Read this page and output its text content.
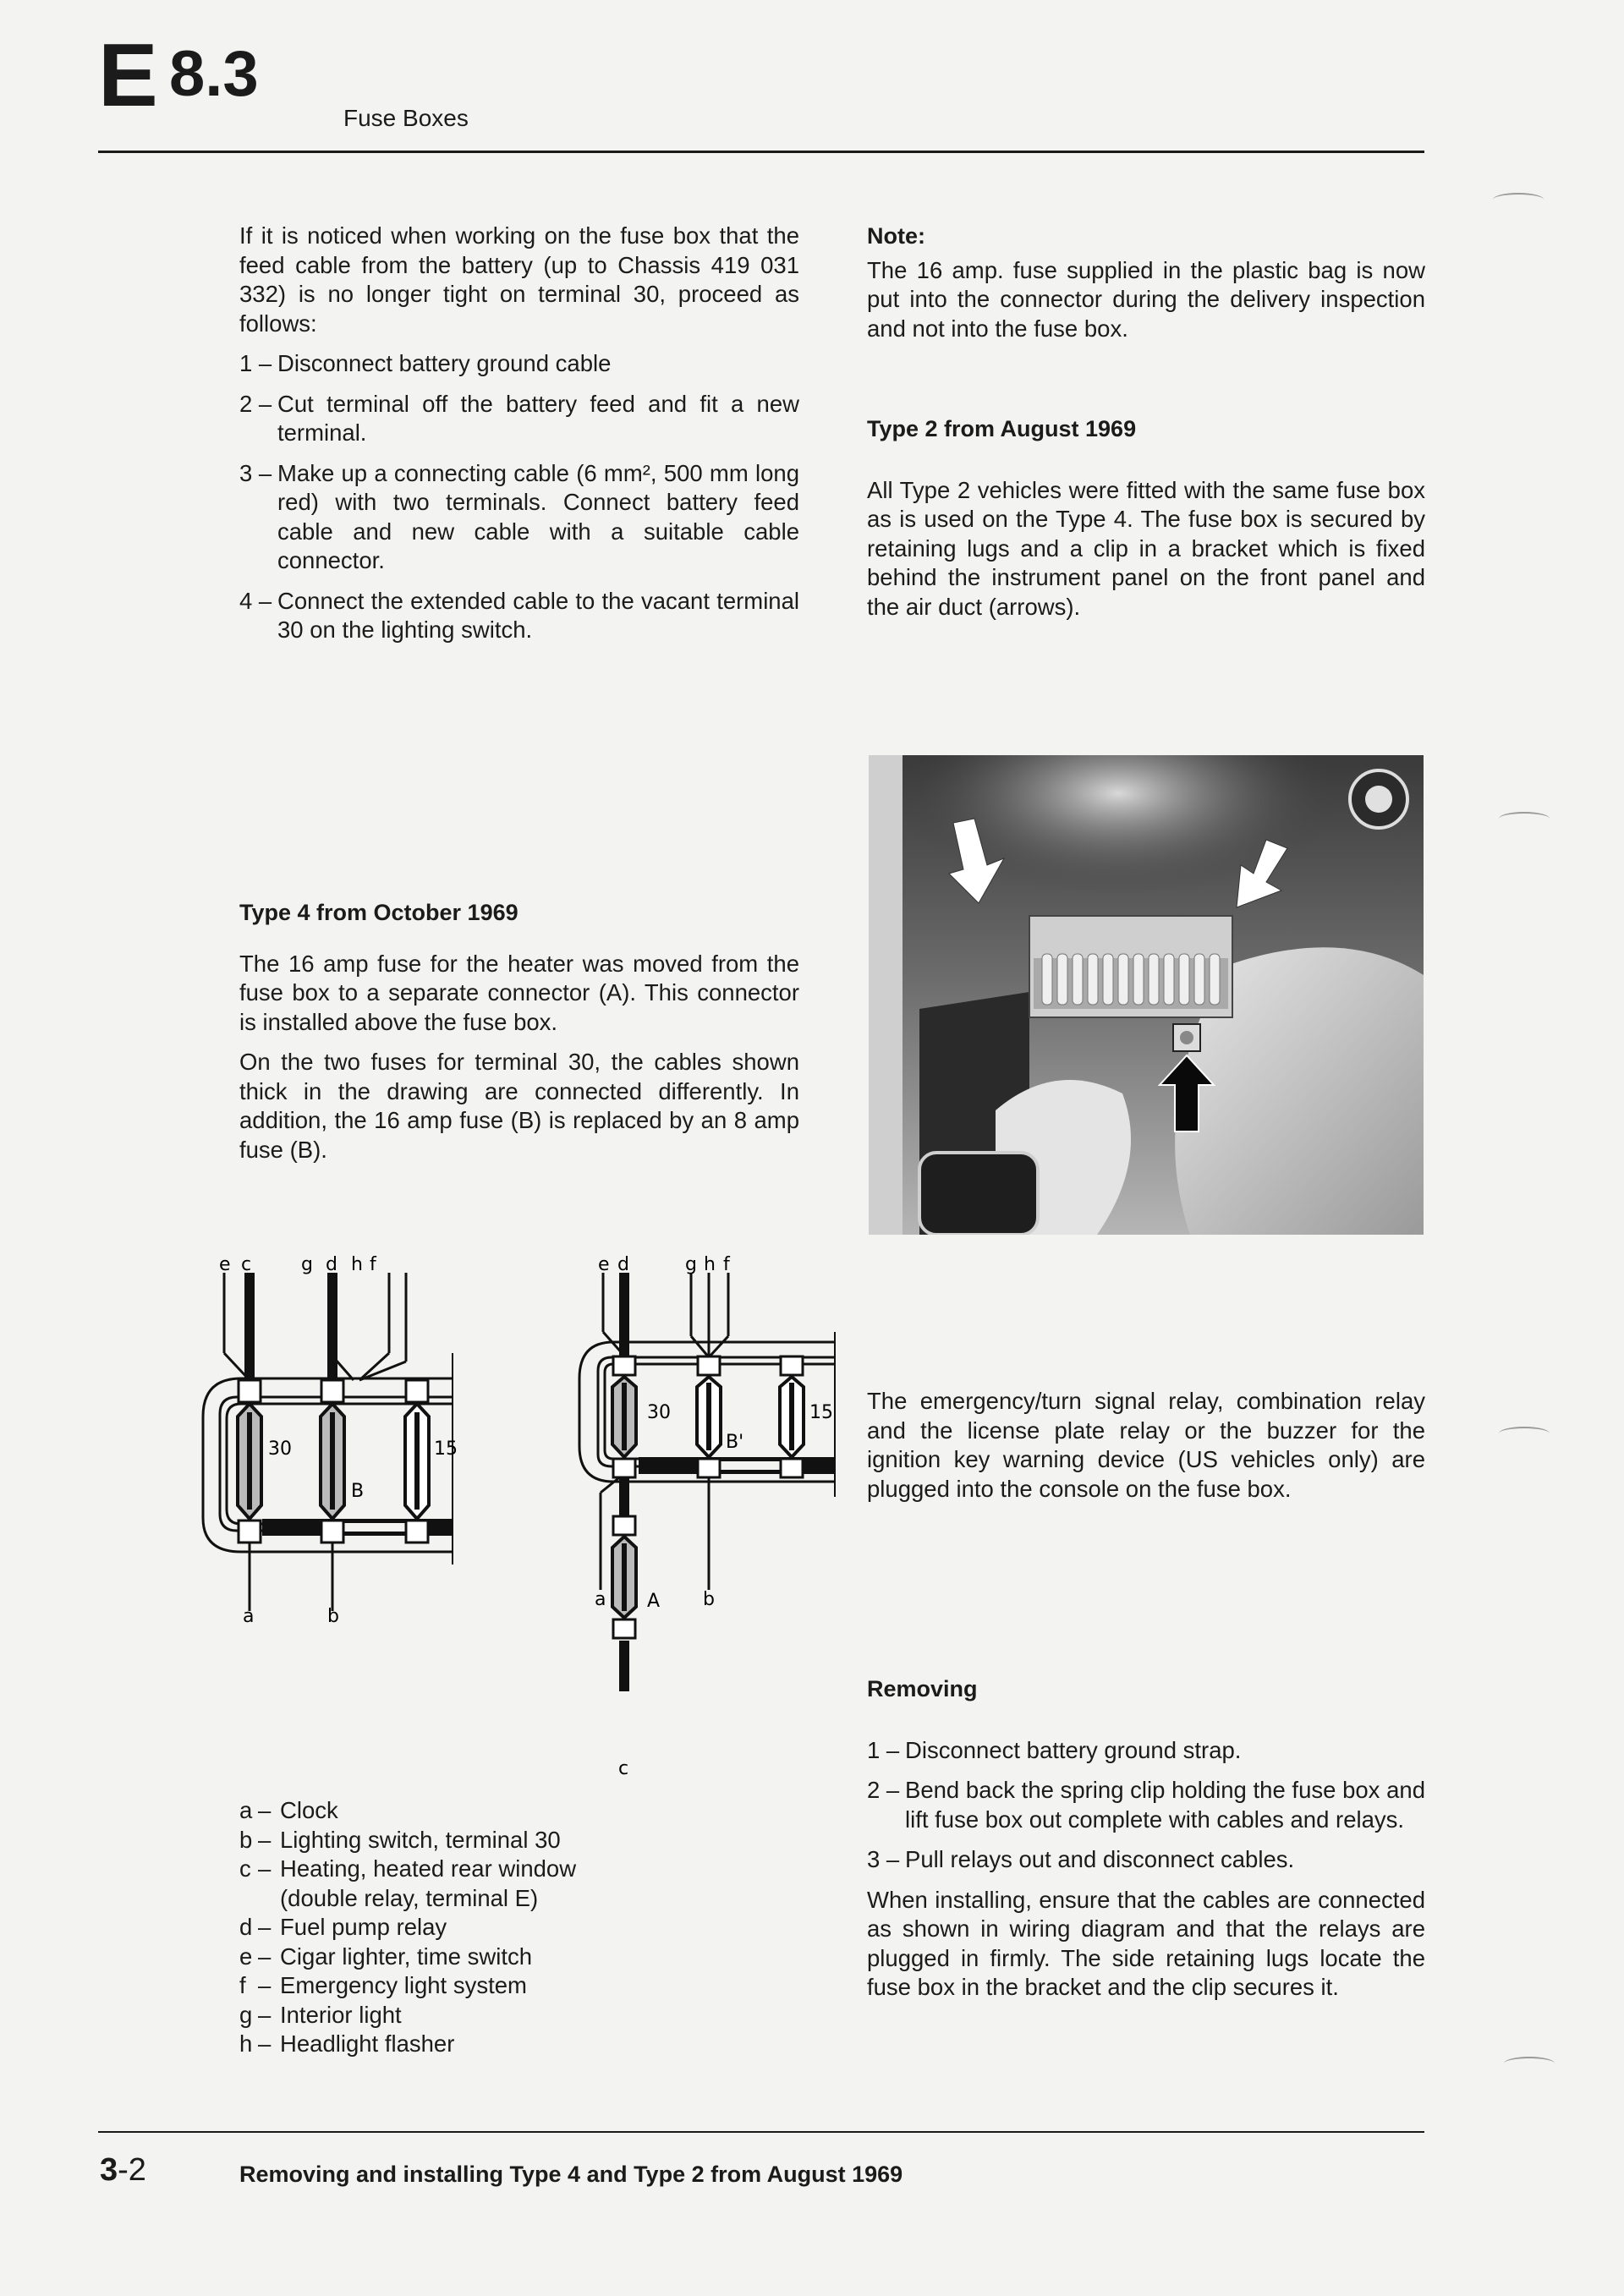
E 8.3
Fuse Boxes

If it is noticed when working on the fuse box that the feed cable from the battery (up to Chassis 419 031 332) is no longer tight on terminal 30, proceed as follows:

1 – Disconnect battery ground cable
2 – Cut terminal off the battery feed and fit a new terminal.
3 – Make up a connecting cable (6 mm², 500 mm long red) with two terminals. Connect battery feed cable and new cable with a suitable cable connector.
4 – Connect the extended cable to the vacant terminal 30 on the lighting switch.
Type 4 from October 1969

The 16 amp fuse for the heater was moved from the fuse box to a separate connector (A). This connector is installed above the fuse box.

On the two fuses for terminal 30, the cables shown thick in the drawing are connected differently. In addition, the 16 amp fuse (B) is replaced by an 8 amp fuse (B).

Note:

The 16 amp. fuse supplied in the plastic bag is now put into the connector during the delivery inspection and not into the fuse box.

Type 2 from August 1969

All Type 2 vehicles were fitted with the same fuse box as is used on the Type 4. The fuse box is secured by retaining lugs and a clip in a bracket which is fixed behind the instrument panel on the front panel and the air duct (arrows).

e c	g d h f
a	b
30
B
15
e d	g h f
a	b
c
30
B'
15
A
a – Clock
b – Lighting switch, terminal 30
c – Heating, heated rear window
(double relay, terminal E)
d – Fuel pump relay
e – Cigar lighter, time switch
f – Emergency light system
g – Interior light
h – Headlight flasher

The emergency/turn signal relay, combination relay and the license plate relay or the buzzer for the ignition key warning device (US vehicles only) are plugged into the console on the fuse box.

Removing
1 – Disconnect battery ground strap.
2 – Bend back the spring clip holding the fuse box and lift fuse box out complete with cables and relays.
3 – Pull relays out and disconnect cables.

When installing, ensure that the cables are connected as shown in wiring diagram and that the relays are plugged in firmly. The side retaining lugs locate the fuse box in the bracket and the clip secures it.

3-2	Removing and installing Type 4 and Type 2 from August 1969
